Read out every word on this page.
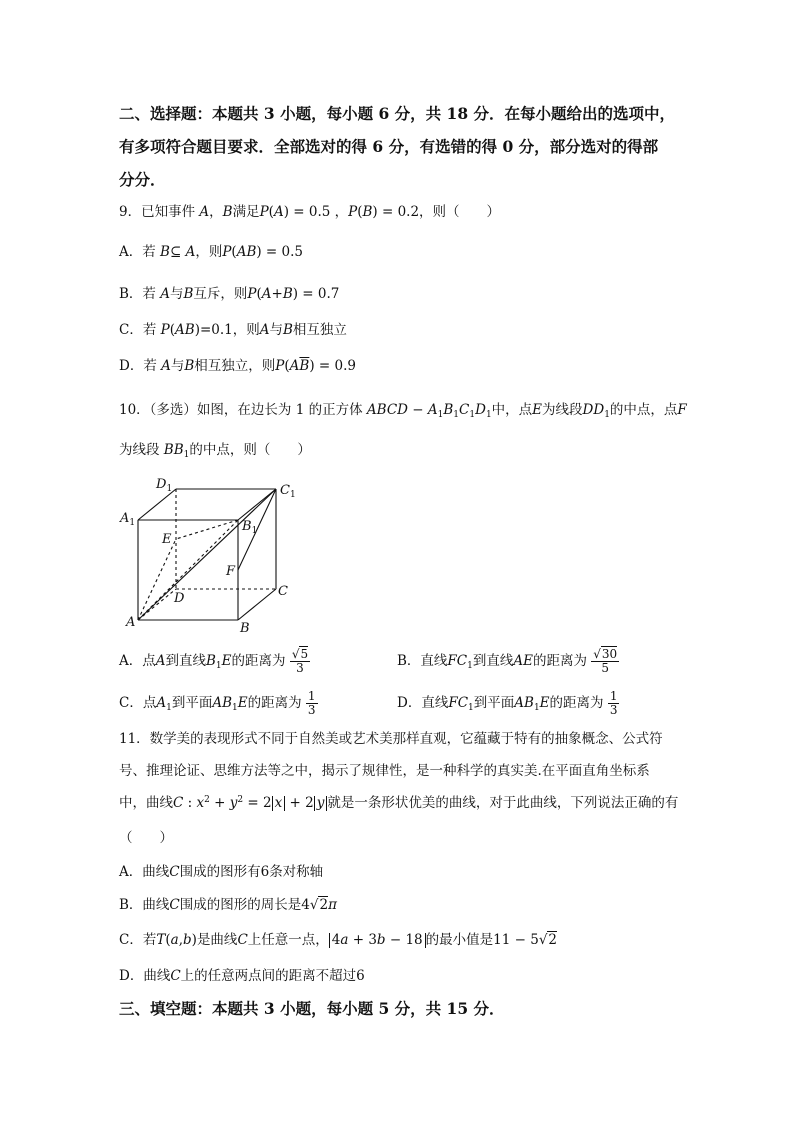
二、选择题：本题共 3 小题，每小题 6 分，共 18 分．在每小题给出的选项中，
有多项符合题目要求．全部选对的得 6 分，有选错的得 0 分，部分选对的得部
分分．
9．已知事件 A，B满足P(A) = 0.5 ，P(B) = 0.2，则（　　）
A．若 B⊆ A，则P(AB) = 0.5
B．若 A与B互斥，则P(A+B) = 0.7
C．若 P(AB)=0.1，则A与B相互独立
D．若 A与B相互独立，则$P(A\overline{B}) = 0.9$
10．（多选）如图，在边长为 1 的正方体 ABCD − $A_1B_1C_1D_1$中，点E为线段$DD_1$的中点，点F
为线段 $BB_1$的中点，则（　　）
$D_1$	$C_1$
$A_1$	$B_1$
E
F
D	C
A	B
A．点A到直线$B_1E$的距离为 $\frac{√5}{3}$	B．直线$FC_1$到直线AE的距离为 $\frac{√30}{5}$
C．点$A_1$到平面$AB_1E$的距离为 $\frac{1}{3}$	D．直线$FC_1$到平面$AB_1E$的距离为 $\frac{1}{3}$
11．数学美的表现形式不同于自然美或艺术美那样直观，它蕴藏于特有的抽象概念、公式符
号、推理论证、思维方法等之中，揭示了规律性，是一种科学的真实美.在平面直角坐标系
中，曲线C : $x^2 + y^2 = 2$ x + 2 y 就是一条形状优美的曲线，对于此曲线，下列说法正确的有
（　　）
A．曲线C围成的图形有6条对称轴
B．曲线C围成的图形的周长是4√2π
C．若T(a,b)是曲线C上任意一点， 4a + 3b − 18 的最小值是11 − 5√2
D．曲线C上的任意两点间的距离不超过6
三、填空题：本题共 3 小题，每小题 5 分，共 15 分．
